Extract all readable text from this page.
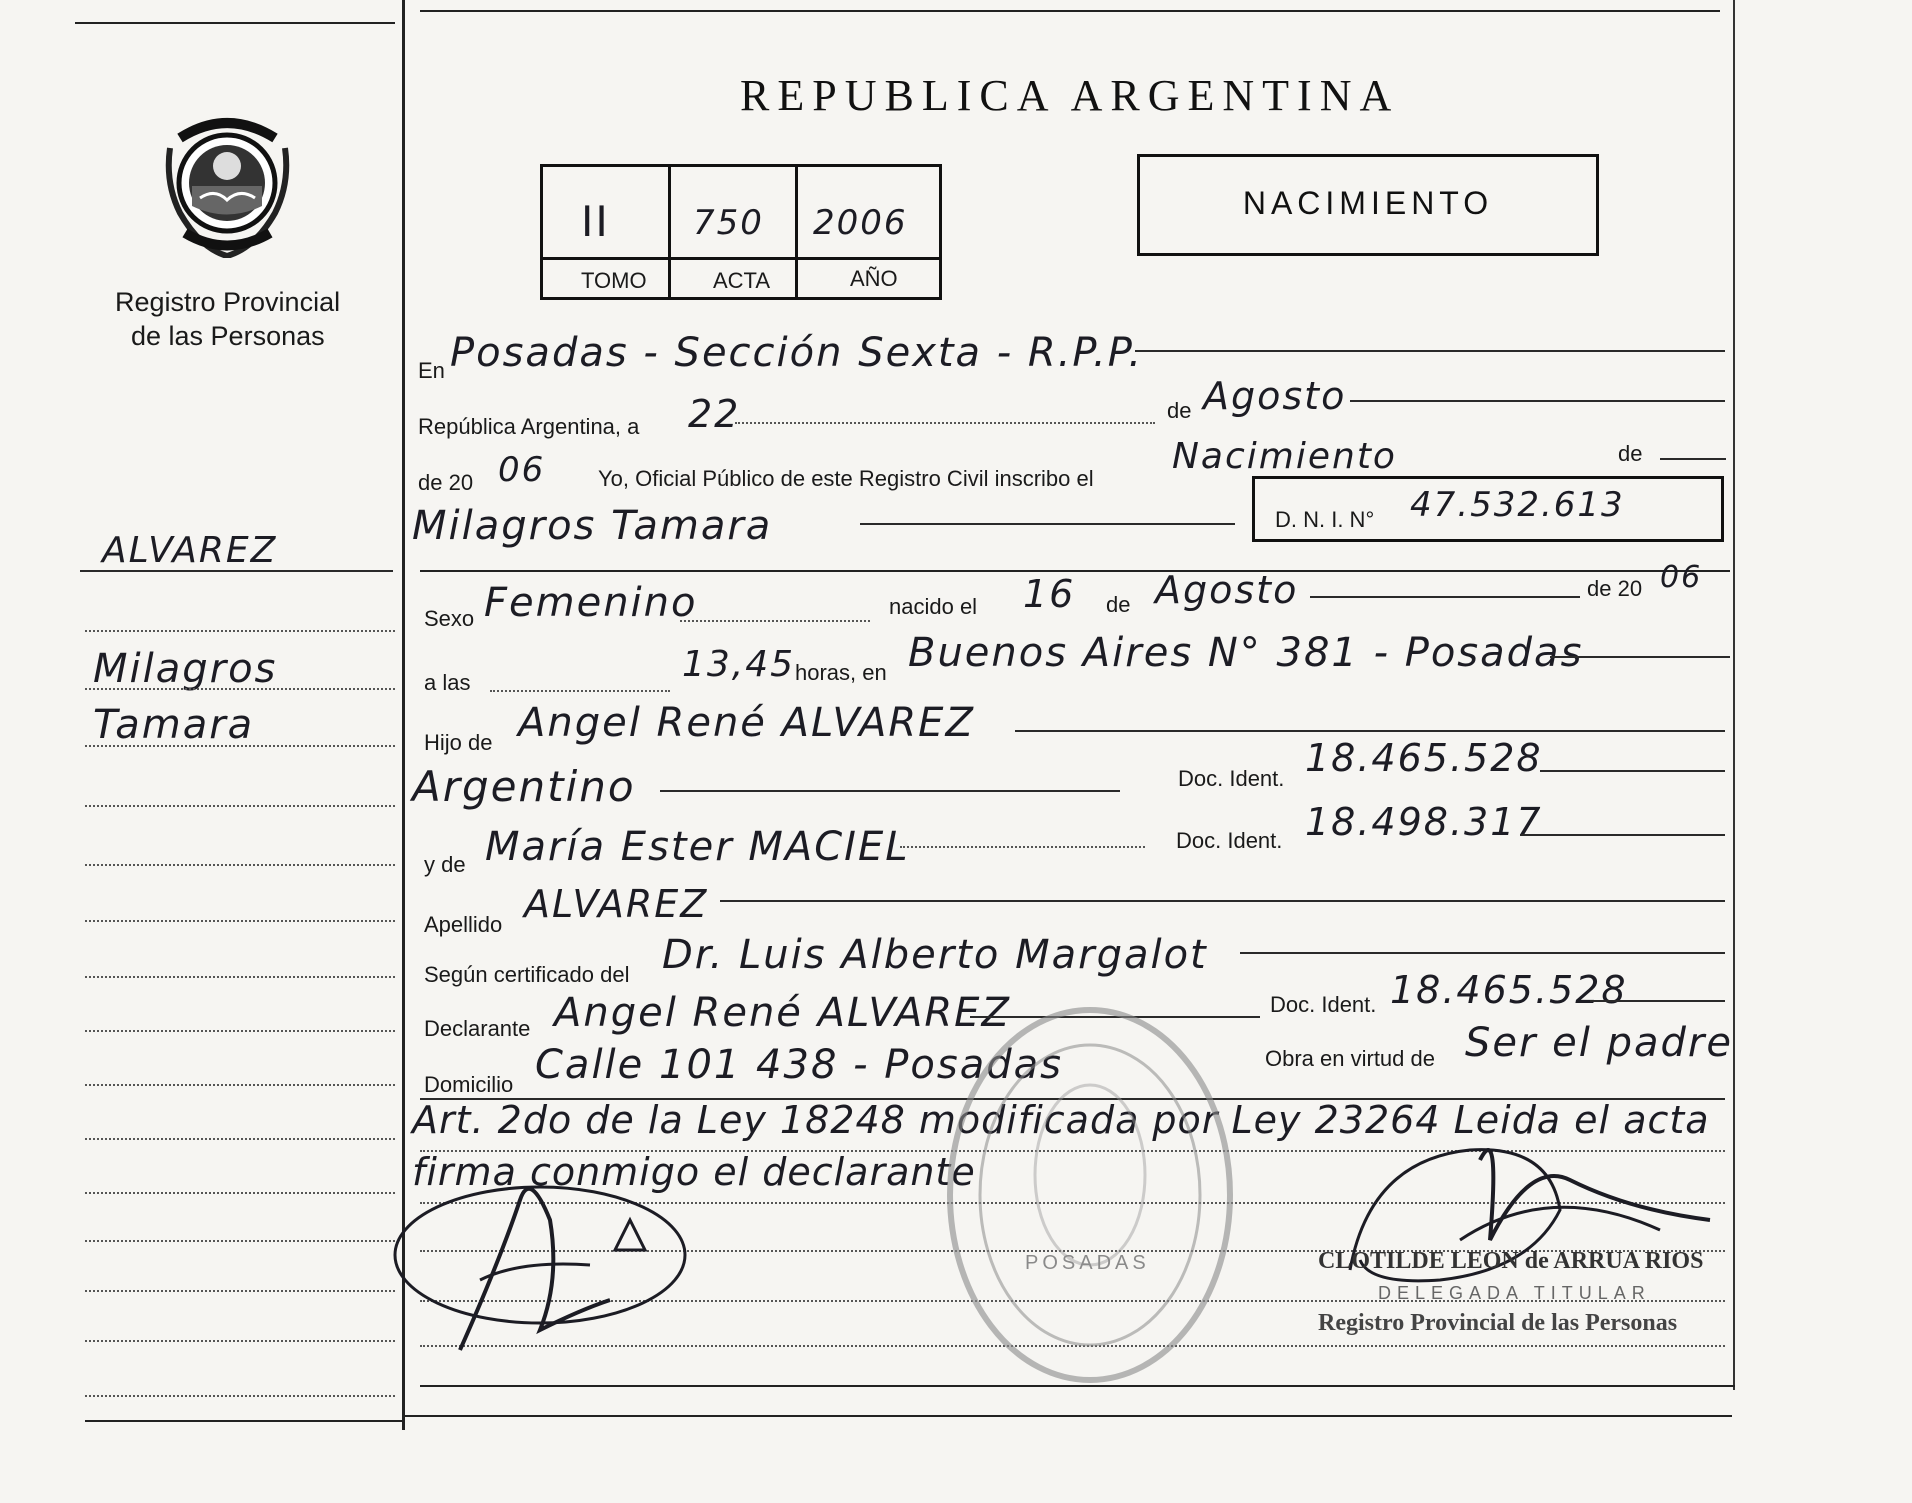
Registro Provincial
de las Personas
ALVAREZ
Milagros
Tamara
REPUBLICA ARGENTINA
II 750 2006
TOMO	ACTA	AÑO
NACIMIENTO
En Posadas - Sección Sexta - R.P.P.
República Argentina, a 22	de Agosto
de 20 06 Yo, Oficial Público de este Registro Civil inscribo el
Nacimiento	de
Milagros Tamara	D. N. I. N° 47.532.613
Sexo Femenino	nacido el 16 de Agosto	de 20 06
a las	13,45 horas, en Buenos Aires N° 381 - Posadas
Hijo de Angel René ALVAREZ
Argentino	Doc. Ident. 18.465.528
y de María Ester MACIEL	Doc. Ident. 18.498.317
Apellido ALVAREZ
Según certificado del Dr. Luis Alberto Margalot
Declarante Angel René ALVAREZ	Doc. Ident. 18.465.528
Domicilio Calle 101 438 - Posadas	Obra en virtud de Ser el padre
Art. 2do de la Ley 18248 modificada por Ley 23264 Leida el acta
firma conmigo el declarante
POSADAS	CLOTILDE LEON de ARRUA RIOS
DELEGADA TITULAR
Registro Provincial de las Personas
